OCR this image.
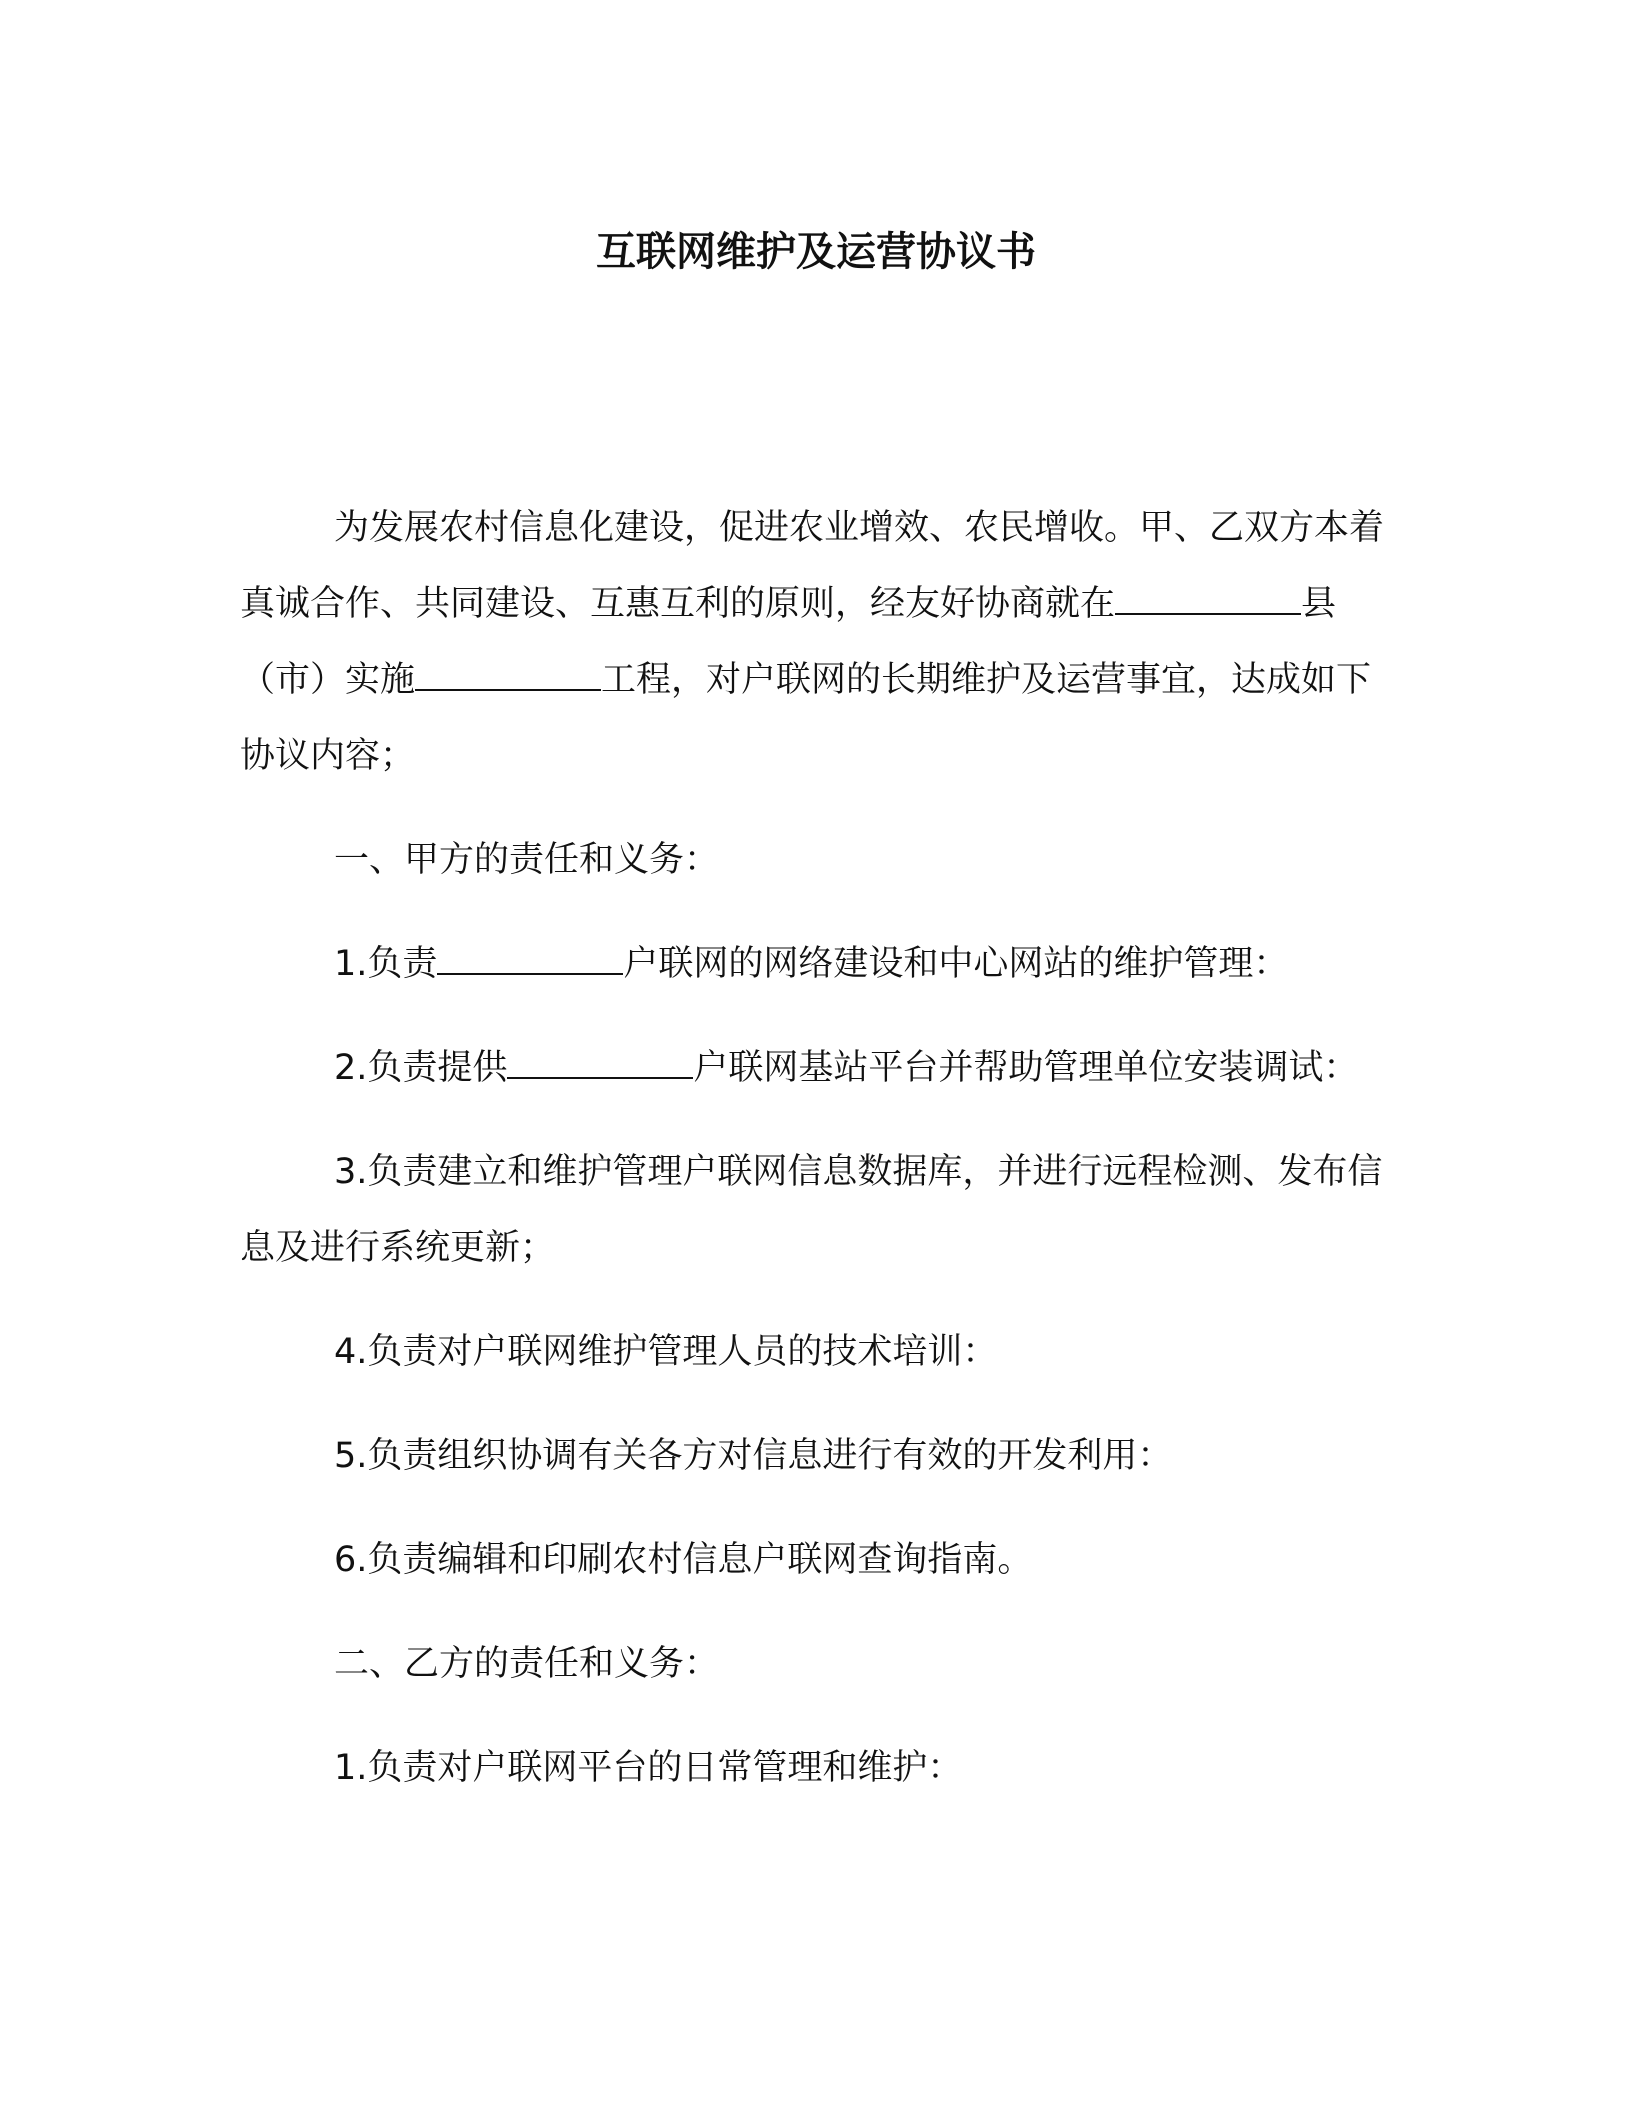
互联网维护及运营协议书

为发展农村信息化建设，促进农业增效、农民增收。甲、乙双方本着真诚合作、共同建设、互惠互利的原则，经友好协商就在	县（市）实施	工程，对户联网的长期维护及运营事宜，达成如下协议内容；

一、甲方的责任和义务：

1.负责	户联网的网络建设和中心网站的维护管理：

2.负责提供	户联网基站平台并帮助管理单位安装调试：

3.负责建立和维护管理户联网信息数据库，并进行远程检测、发布信息及进行系统更新；

4.负责对户联网维护管理人员的技术培训：

5.负责组织协调有关各方对信息进行有效的开发利用：

6.负责编辑和印刷农村信息户联网查询指南。

二、乙方的责任和义务：

1.负责对户联网平台的日常管理和维护：
